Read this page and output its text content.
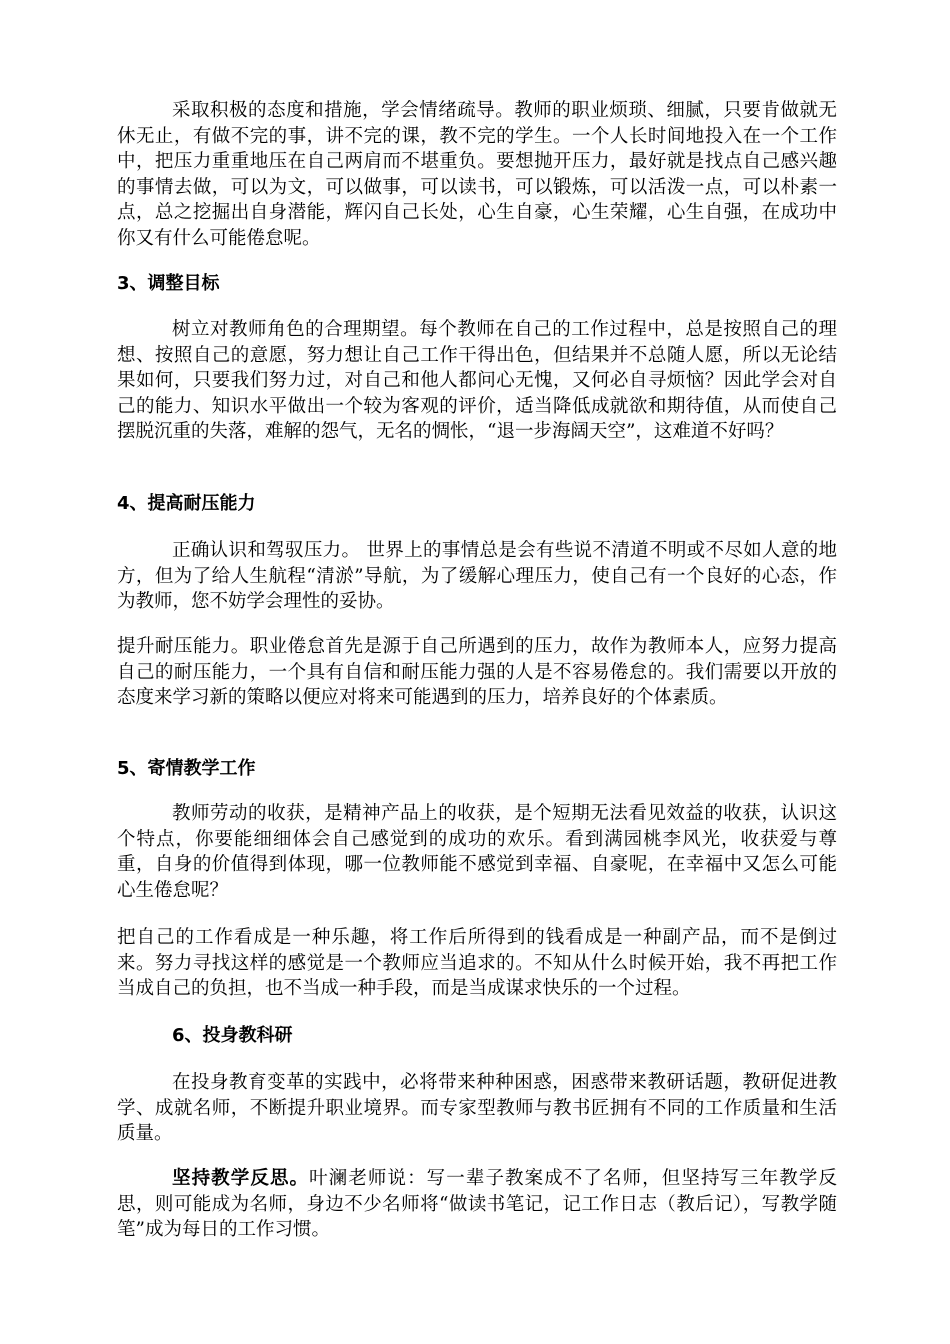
采取积极的态度和措施，学会情绪疏导。教师的职业烦琐、细腻，只要肯做就无休无止，有做不完的事，讲不完的课，教不完的学生。一个人长时间地投入在一个工作中，把压力重重地压在自己两肩而不堪重负。要想抛开压力，最好就是找点自己感兴趣的事情去做，可以为文，可以做事，可以读书，可以锻炼，可以活泼一点，可以朴素一点，总之挖掘出自身潜能，辉闪自己长处，心生自豪，心生荣耀，心生自强，在成功中你又有什么可能倦怠呢。

3、调整目标

树立对教师角色的合理期望。每个教师在自己的工作过程中，总是按照自己的理想、按照自己的意愿，努力想让自己工作干得出色，但结果并不总随人愿，所以无论结果如何，只要我们努力过，对自己和他人都问心无愧，又何必自寻烦恼？因此学会对自己的能力、知识水平做出一个较为客观的评价，适当降低成就欲和期待值，从而使自己摆脱沉重的失落，难解的怨气，无名的惆怅，“退一步海阔天空”，这难道不好吗？

4、提高耐压能力

正确认识和驾驭压力。 世界上的事情总是会有些说不清道不明或不尽如人意的地方，但为了给人生航程“清淤”导航，为了缓解心理压力，使自己有一个良好的心态，作为教师，您不妨学会理性的妥协。

提升耐压能力。职业倦怠首先是源于自己所遇到的压力，故作为教师本人，应努力提高自己的耐压能力，一个具有自信和耐压能力强的人是不容易倦怠的。我们需要以开放的态度来学习新的策略以便应对将来可能遇到的压力，培养良好的个体素质。

5、寄情教学工作

教师劳动的收获，是精神产品上的收获，是个短期无法看见效益的收获，认识这个特点，你要能细细体会自己感觉到的成功的欢乐。看到满园桃李风光，收获爱与尊重，自身的价值得到体现，哪一位教师能不感觉到幸福、自豪呢，在幸福中又怎么可能心生倦怠呢？

把自己的工作看成是一种乐趣，将工作后所得到的钱看成是一种副产品，而不是倒过来。努力寻找这样的感觉是一个教师应当追求的。不知从什么时候开始，我不再把工作当成自己的负担，也不当成一种手段，而是当成谋求快乐的一个过程。

6、投身教科研

在投身教育变革的实践中，必将带来种种困惑，困惑带来教研话题，教研促进教学、成就名师，不断提升职业境界。而专家型教师与教书匠拥有不同的工作质量和生活质量。

坚持教学反思。叶澜老师说：写一辈子教案成不了名师，但坚持写三年教学反思，则可能成为名师，身边不少名师将“做读书笔记，记工作日志（教后记），写教学随笔”成为每日的工作习惯。
